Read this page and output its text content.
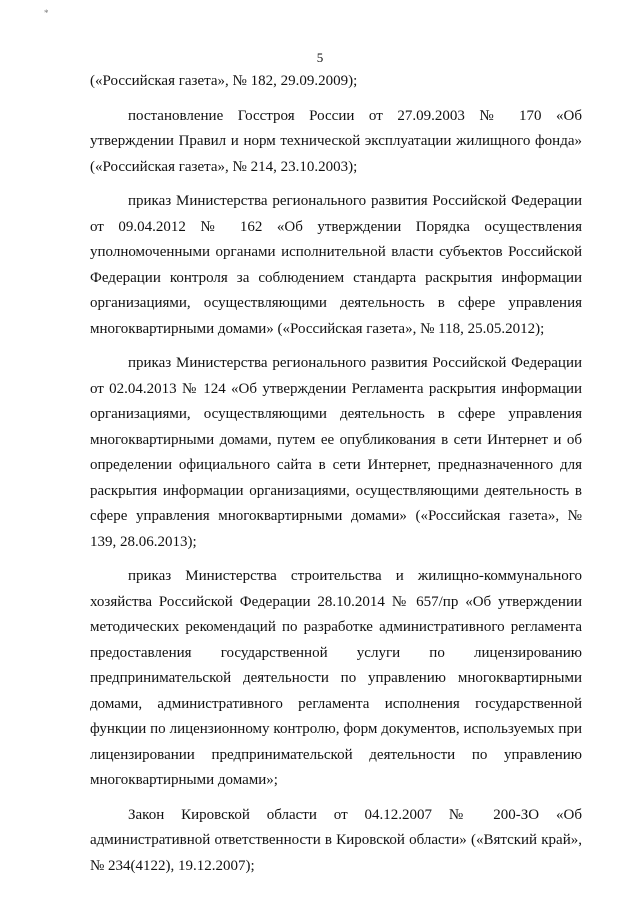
*
5

(«Российская газета», № 182, 29.09.2009);

постановление Госстроя России от 27.09.2003 № 170 «Об утверждении Правил и норм технической эксплуатации жилищного фонда» («Российская газета», № 214, 23.10.2003);

приказ Министерства регионального развития Российской Федерации от 09.04.2012 № 162 «Об утверждении Порядка осуществления уполномоченными органами исполнительной власти субъектов Российской Федерации контроля за соблюдением стандарта раскрытия информации организациями, осуществляющими деятельность в сфере управления многоквартирными домами» («Российская газета», № 118, 25.05.2012);

приказ Министерства регионального развития Российской Федерации от 02.04.2013 № 124 «Об утверждении Регламента раскрытия информации организациями, осуществляющими деятельность в сфере управления многоквартирными домами, путем ее опубликования в сети Интернет и об определении официального сайта в сети Интернет, предназначенного для раскрытия информации организациями, осуществляющими деятельность в сфере управления многоквартирными домами» («Российская газета», № 139, 28.06.2013);

приказ Министерства строительства и жилищно-коммунального хозяйства Российской Федерации 28.10.2014 № 657/пр «Об утверждении методических рекомендаций по разработке административного регламента предоставления государственной услуги по лицензированию предпринимательской деятельности по управлению многоквартирными домами, административного регламента исполнения государственной функции по лицензионному контролю, форм документов, используемых при лицензировании предпринимательской деятельности по управлению многоквартирными домами»;

Закон Кировской области от 04.12.2007 № 200-ЗО «Об административной ответственности в Кировской области» («Вятский край», № 234(4122), 19.12.2007);
